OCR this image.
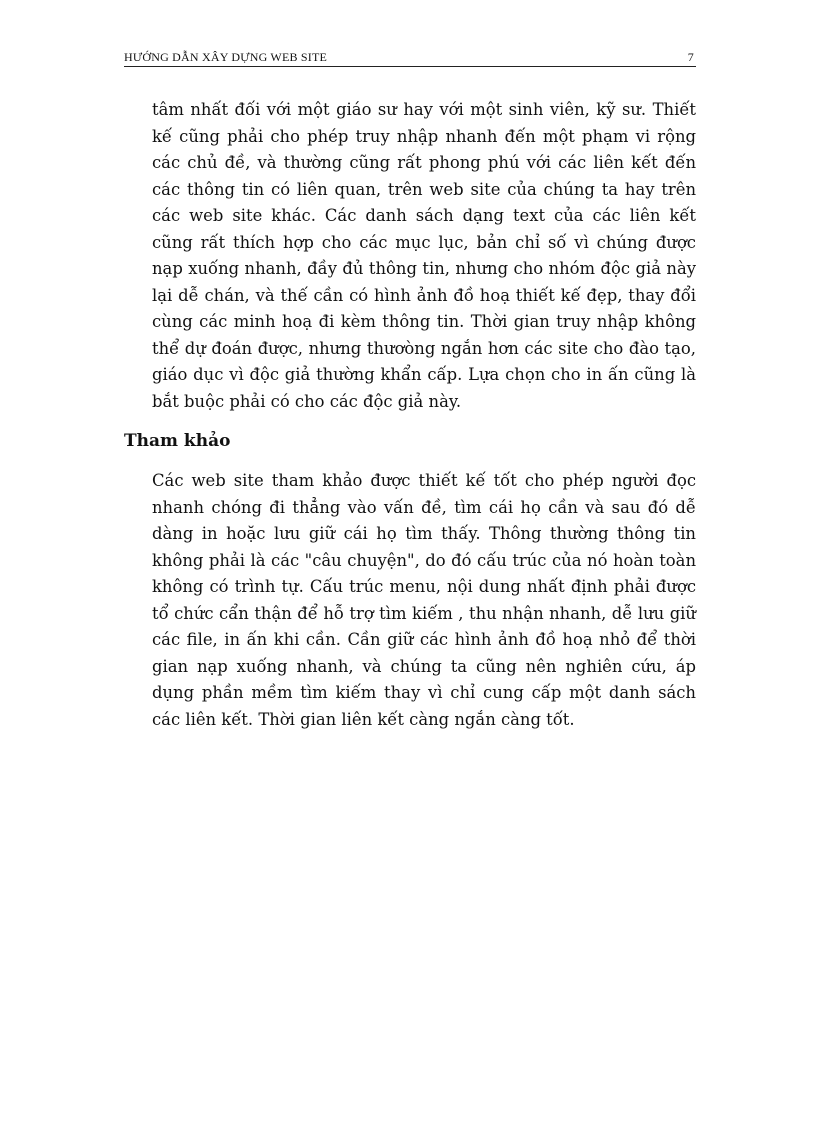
HƯỚNG DẪN XÂY DỰNG WEB SITE	7

tâm nhất đối với một giáo sư hay với một sinh viên, kỹ sư. Thiết kế cũng phải cho phép truy nhập nhanh đến một phạm vi rộng các chủ đề, và thường cũng rất phong phú với các liên kết đến các thông tin có liên quan, trên web site của chúng ta hay trên các web site khác. Các danh sách dạng text của các liên kết cũng rất thích hợp cho các mục lục, bản chỉ số vì chúng được nạp xuống nhanh, đầy đủ thông tin, nhưng cho nhóm độc giả này lại dễ chán, và thế cần có hình ảnh đồ hoạ thiết kế đẹp, thay đổi cùng các minh hoạ đi kèm thông tin. Thời gian truy nhập không thể dự đoán được, nhưng thươòng ngắn hơn các site cho đào tạo, giáo dục vì độc giả thường khẩn cấp. Lựa chọn cho in ấn cũng là bắt buộc phải có cho các độc giả này.

Tham khảo

Các web site tham khảo được thiết kế tốt cho phép người đọc nhanh chóng đi thẳng vào vấn đề, tìm cái họ cần và sau đó dễ dàng in hoặc lưu giữ cái họ tìm thấy. Thông thường thông tin không phải là các "câu chuyện", do đó cấu trúc của nó hoàn toàn không có trình tự. Cấu trúc menu, nội dung nhất định phải được tổ chức cẩn thận để hỗ trợ tìm kiếm , thu nhận nhanh, dễ lưu giữ các file, in ấn khi cần. Cần giữ các hình ảnh đồ hoạ nhỏ để thời gian nạp xuống nhanh, và chúng ta cũng nên nghiên cứu, áp dụng phần mềm tìm kiếm thay vì chỉ cung cấp một danh sách các liên kết. Thời gian liên kết càng ngắn càng tốt.
